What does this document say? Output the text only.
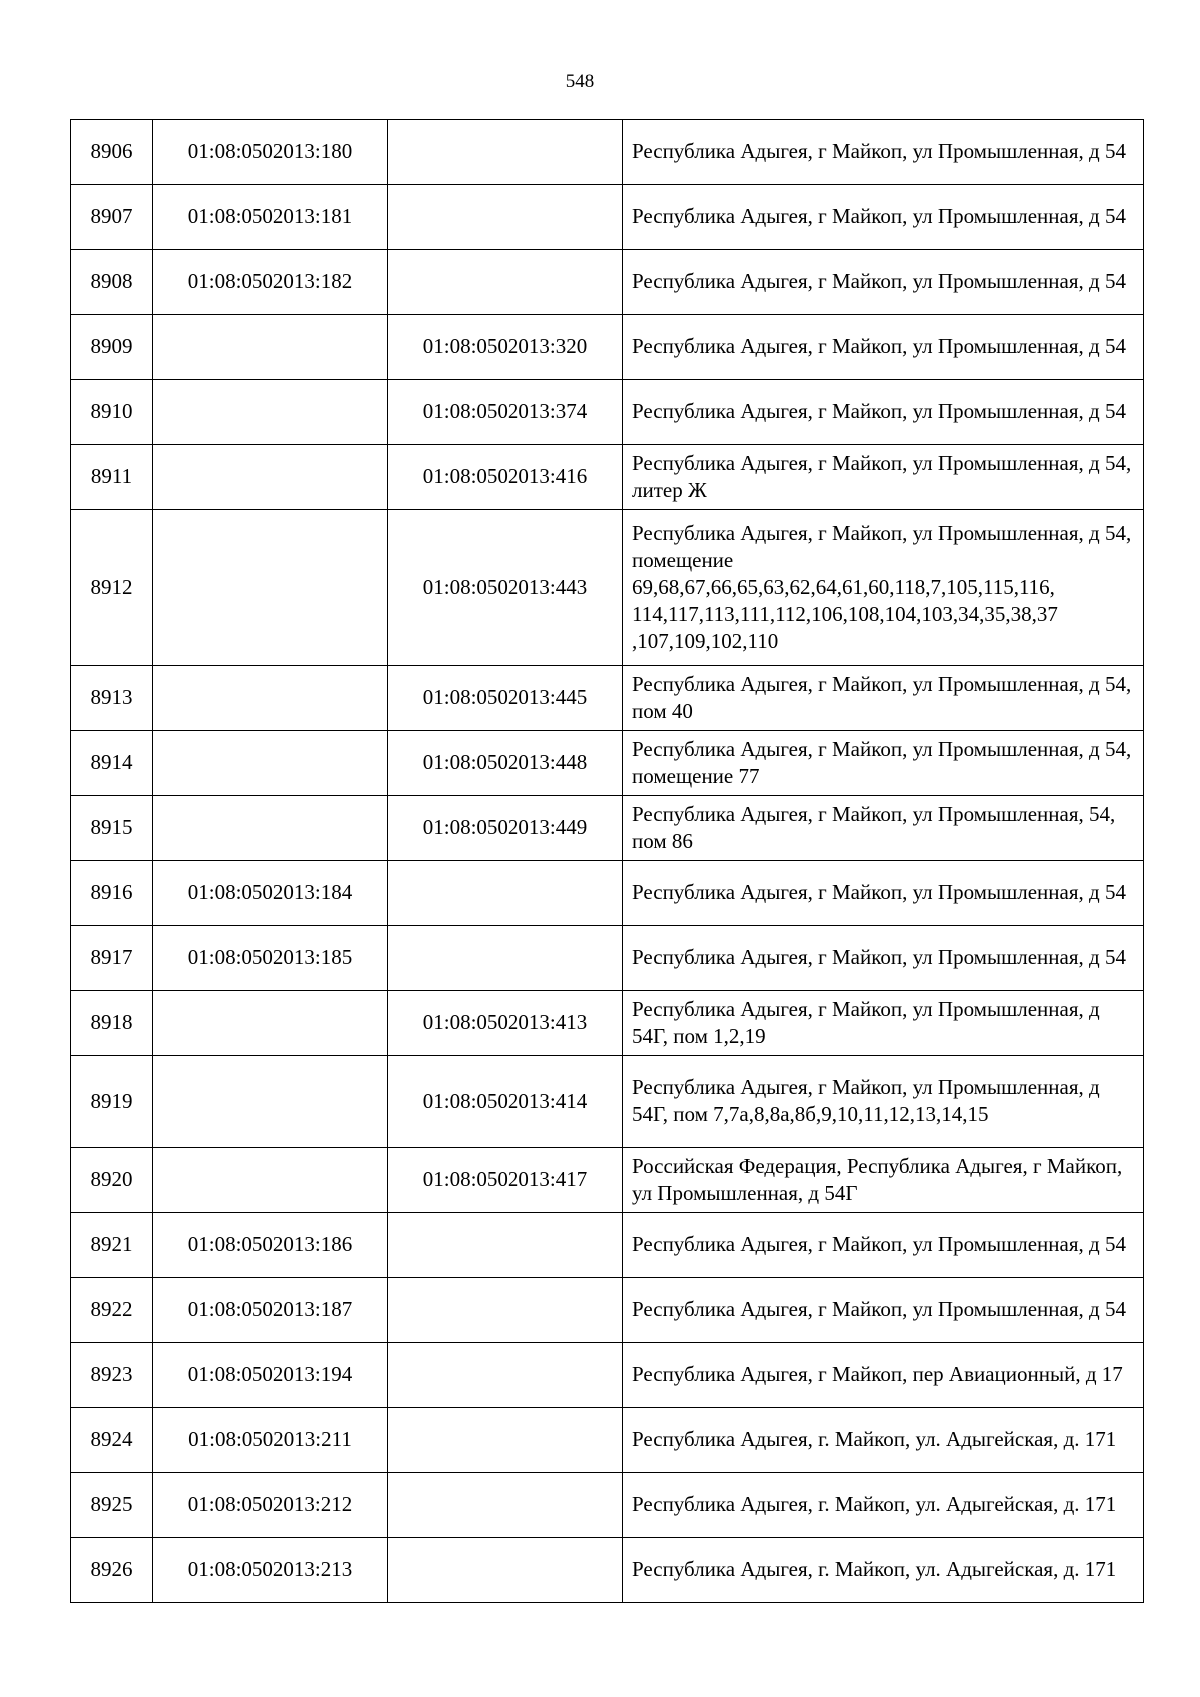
548
8906	01:08:0502013:180		Республика Адыгея, г Майкоп, ул Промышленная, д 54
8907	01:08:0502013:181		Республика Адыгея, г Майкоп, ул Промышленная, д 54
8908	01:08:0502013:182		Республика Адыгея, г Майкоп, ул Промышленная, д 54
8909		01:08:0502013:320	Республика Адыгея, г Майкоп, ул Промышленная, д 54
8910		01:08:0502013:374	Республика Адыгея, г Майкоп, ул Промышленная, д 54
8911		01:08:0502013:416	Республика Адыгея, г Майкоп, ул Промышленная, д 54, литер Ж
8912		01:08:0502013:443	Республика Адыгея, г Майкоп, ул Промышленная, д 54, помещение 69,68,67,66,65,63,62,64,61,60,118,7,105,115,116, 114,117,113,111,112,106,108,104,103,34,35,38,37 ,107,109,102,110
8913		01:08:0502013:445	Республика Адыгея, г Майкоп, ул Промышленная, д 54, пом 40
8914		01:08:0502013:448	Республика Адыгея, г Майкоп, ул Промышленная, д 54, помещение 77
8915		01:08:0502013:449	Республика Адыгея, г Майкоп, ул Промышленная, 54, пом 86
8916	01:08:0502013:184		Республика Адыгея, г Майкоп, ул Промышленная, д 54
8917	01:08:0502013:185		Республика Адыгея, г Майкоп, ул Промышленная, д 54
8918		01:08:0502013:413	Республика Адыгея, г Майкоп, ул Промышленная, д 54Г, пом 1,2,19
8919		01:08:0502013:414	Республика Адыгея, г Майкоп, ул Промышленная, д 54Г, пом 7,7а,8,8а,8б,9,10,11,12,13,14,15
8920		01:08:0502013:417	Российская Федерация, Республика Адыгея, г Майкоп, ул Промышленная, д 54Г
8921	01:08:0502013:186		Республика Адыгея, г Майкоп, ул Промышленная, д 54
8922	01:08:0502013:187		Республика Адыгея, г Майкоп, ул Промышленная, д 54
8923	01:08:0502013:194		Республика Адыгея, г Майкоп, пер Авиационный, д 17
8924	01:08:0502013:211		Республика Адыгея, г. Майкоп, ул. Адыгейская, д. 171
8925	01:08:0502013:212		Республика Адыгея, г. Майкоп, ул. Адыгейская, д. 171
8926	01:08:0502013:213		Республика Адыгея, г. Майкоп, ул. Адыгейская, д. 171
